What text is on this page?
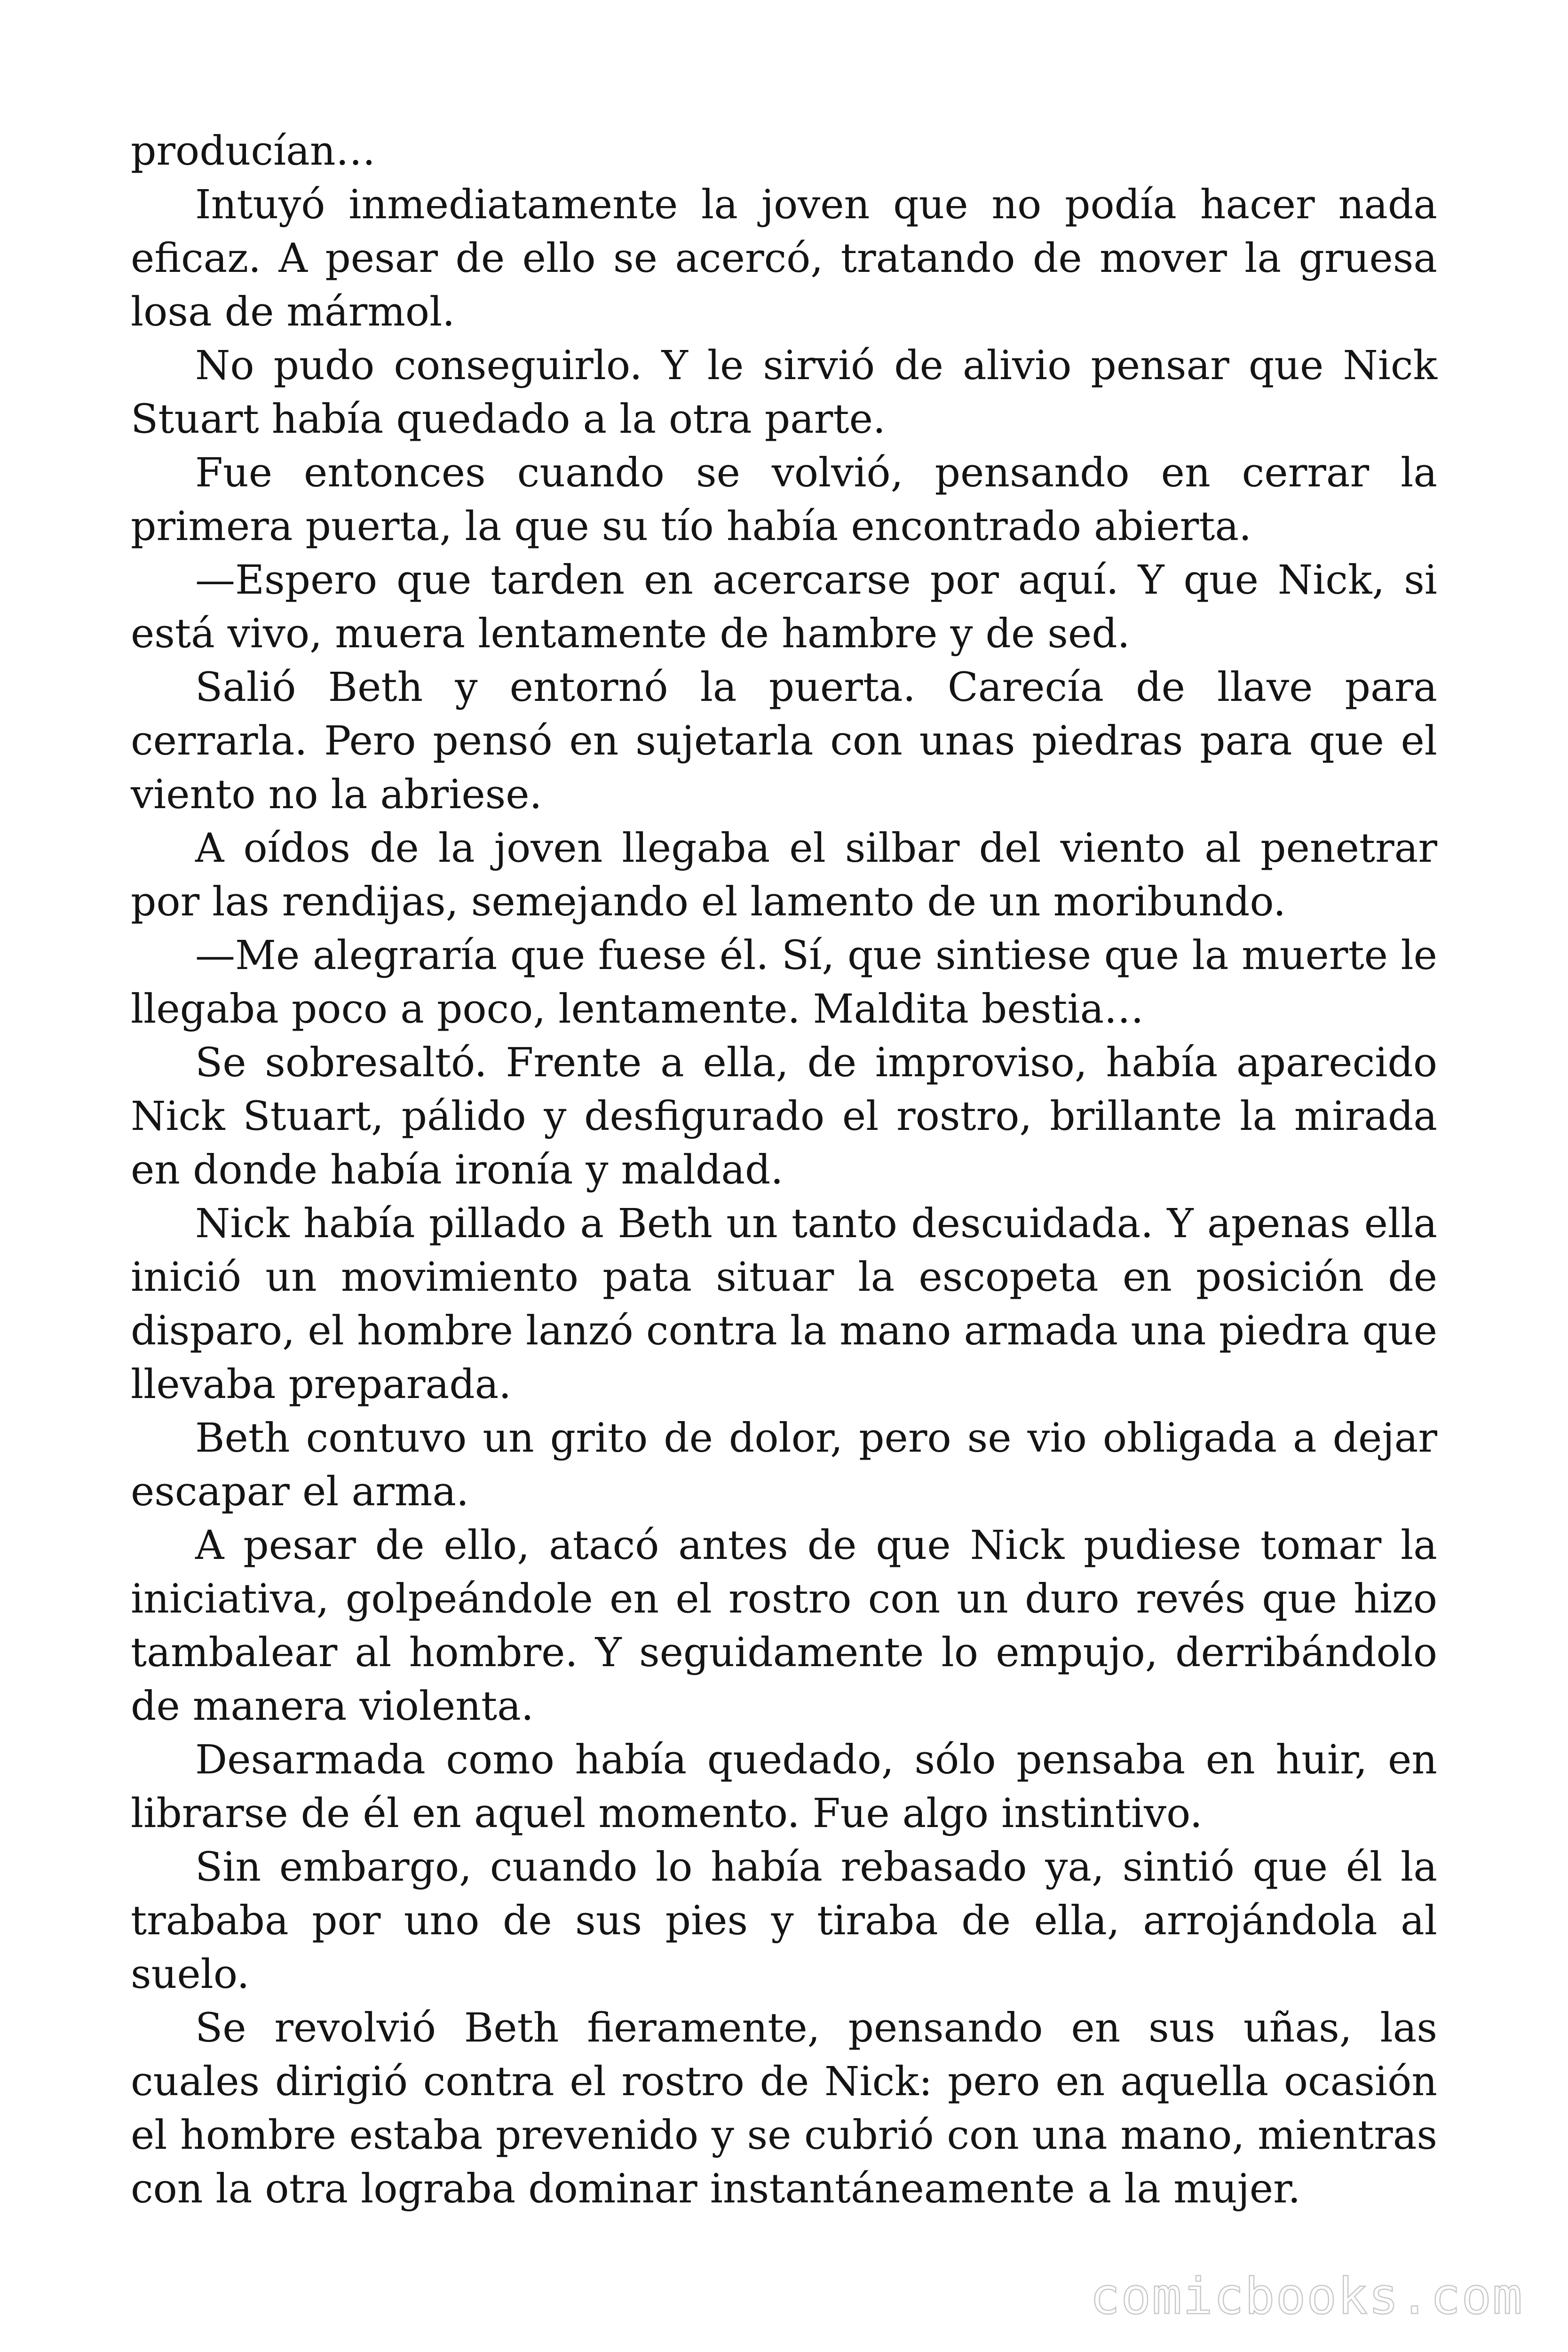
producían…

Intuyó inmediatamente la joven que no podía hacer nada eficaz. A pesar de ello se acercó, tratando de mover la gruesa losa de mármol.

No pudo conseguirlo. Y le sirvió de alivio pensar que Nick Stuart había quedado a la otra parte.

Fue entonces cuando se volvió, pensando en cerrar la primera puerta, la que su tío había encontrado abierta.

—Espero que tarden en acercarse por aquí. Y que Nick, si está vivo, muera lentamente de hambre y de sed.

Salió Beth y entornó la puerta. Carecía de llave para cerrarla. Pero pensó en sujetarla con unas piedras para que el viento no la abriese.

A oídos de la joven llegaba el silbar del viento al penetrar por las rendijas, semejando el lamento de un moribundo.

—Me alegraría que fuese él. Sí, que sintiese que la muerte le llegaba poco a poco, lentamente. Maldita bestia…

Se sobresaltó. Frente a ella, de improviso, había aparecido Nick Stuart, pálido y desfigurado el rostro, brillante la mirada en donde había ironía y maldad.

Nick había pillado a Beth un tanto descuidada. Y apenas ella inició un movimiento pata situar la escopeta en posición de disparo, el hombre lanzó contra la mano armada una piedra que llevaba preparada.

Beth contuvo un grito de dolor, pero se vio obligada a dejar escapar el arma.

A pesar de ello, atacó antes de que Nick pudiese tomar la iniciativa, golpeándole en el rostro con un duro revés que hizo tambalear al hombre. Y seguidamente lo empujo, derribándolo de manera violenta.

Desarmada como había quedado, sólo pensaba en huir, en librarse de él en aquel momento. Fue algo instintivo.

Sin embargo, cuando lo había rebasado ya, sintió que él la trababa por uno de sus pies y tiraba de ella, arrojándola al suelo.

Se revolvió Beth fieramente, pensando en sus uñas, las cuales dirigió contra el rostro de Nick: pero en aquella ocasión el hombre estaba prevenido y se cubrió con una mano, mientras con la otra lograba dominar instantáneamente a la mujer.

comicbooks.com
